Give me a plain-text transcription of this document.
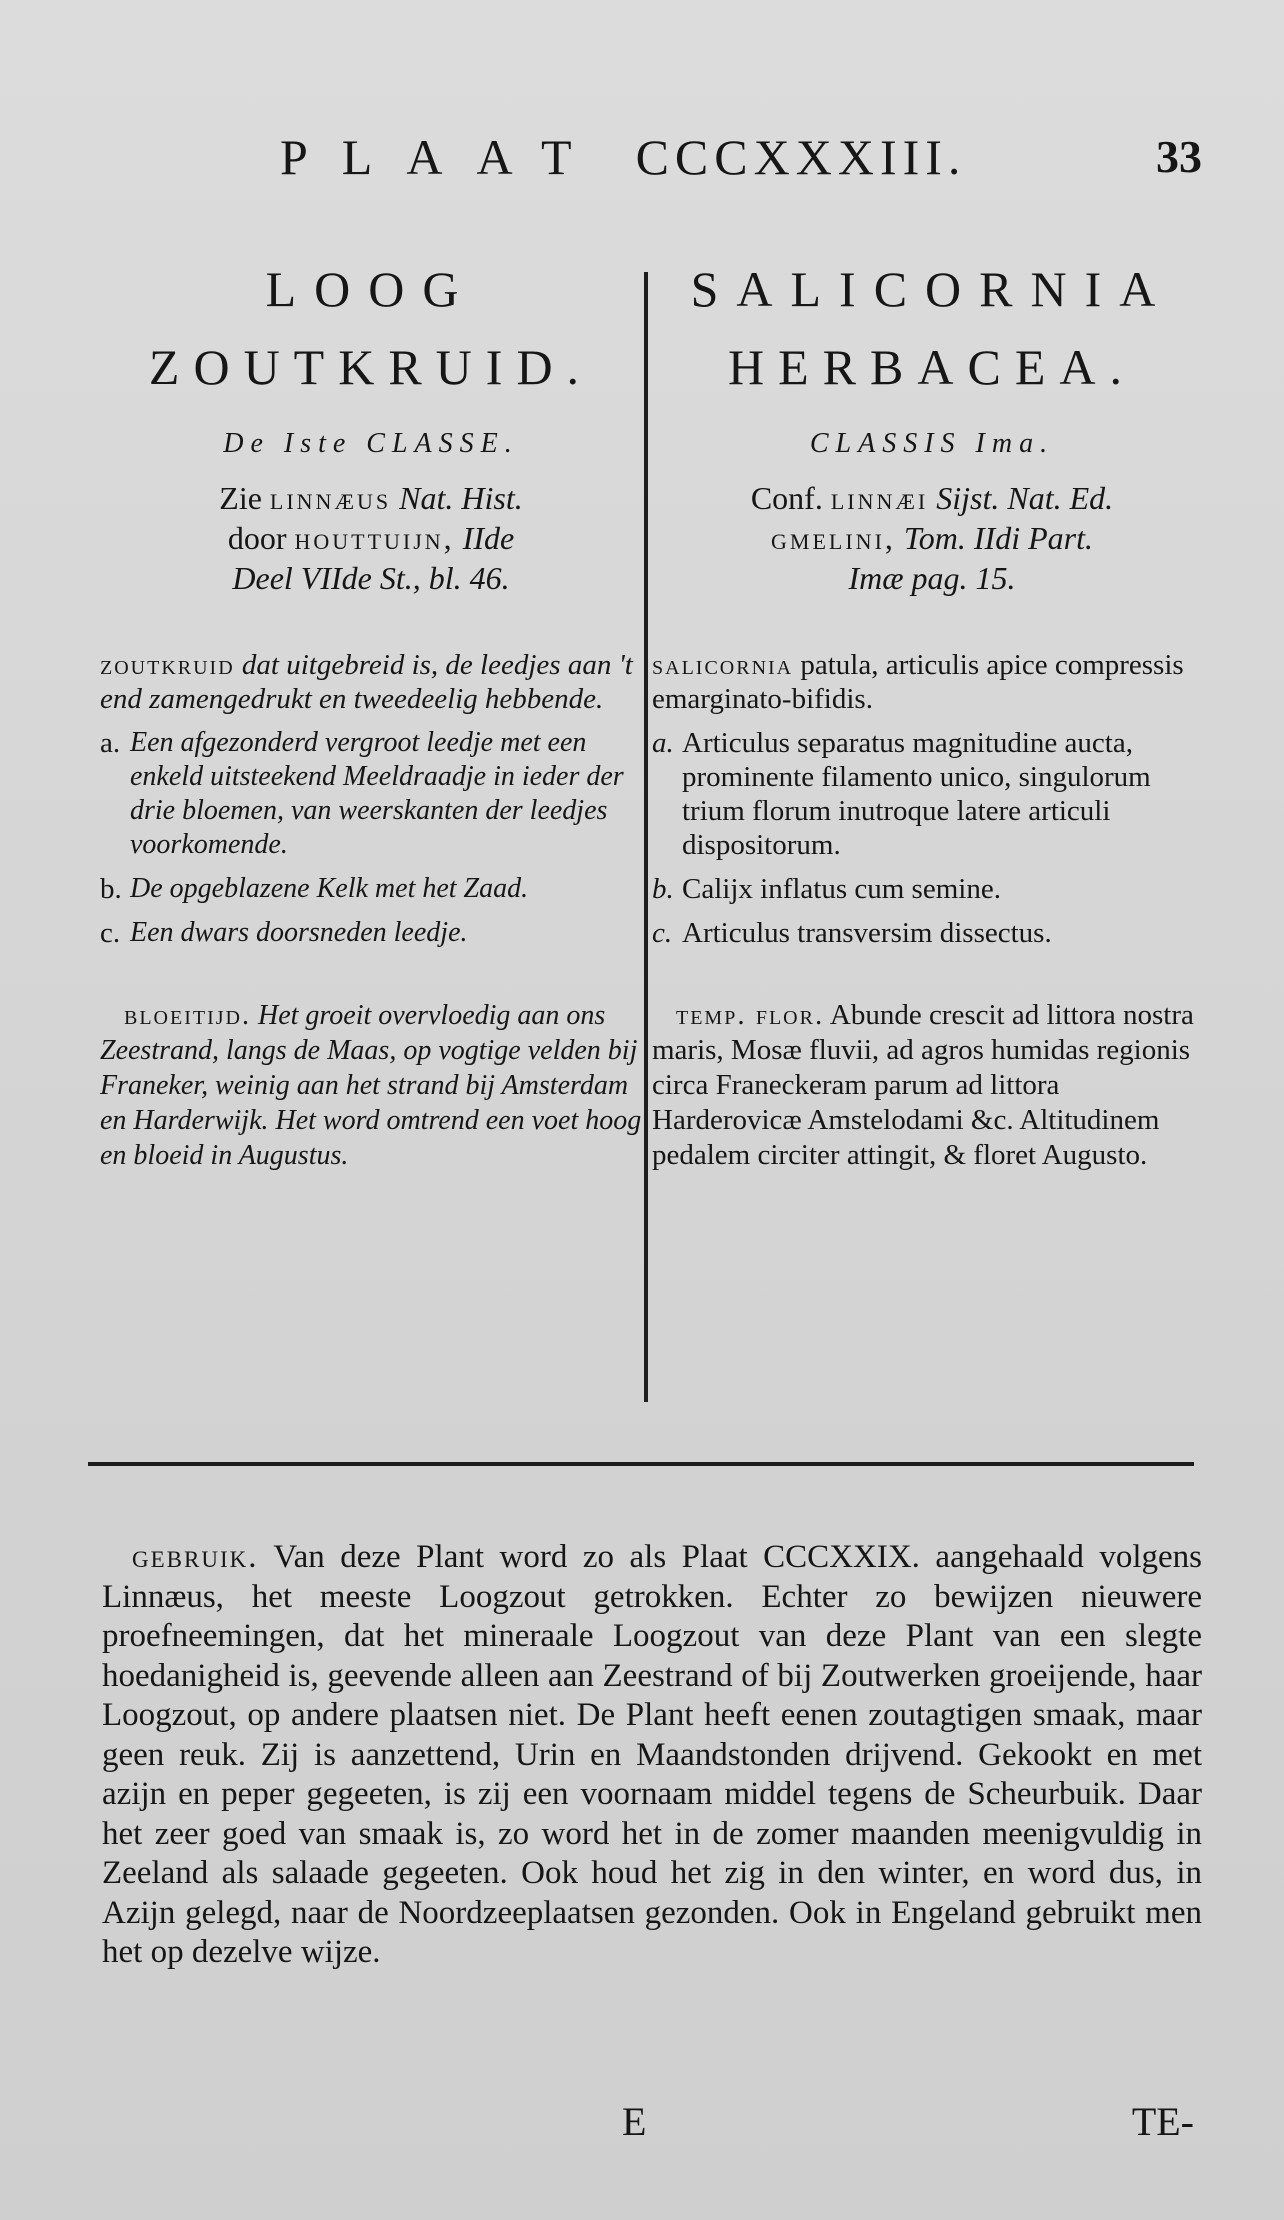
PLAAT CCCXXXIII.	33

LOOG

ZOUTKRUID.

De Iste CLASSE.

Zie linnæus Nat. Hist.

door houttuijn, IIde

Deel VIIde St., bl. 46.

zoutkruid dat uitgebreid is, de leedjes aan 't end zamengedrukt en tweedeelig hebbende.

a. Een afgezonderd vergroot leedje met een enkeld uitsteekend Meeldraadje in ieder der drie bloemen, van weerskanten der leedjes voorkomende.
b. De opgeblazene Kelk met het Zaad.
c. Een dwars doorsneden leedje.

bloeitijd. Het groeit overvloedig aan ons Zeestrand, langs de Maas, op vogtige velden bij Franeker, weinig aan het strand bij Amsterdam en Harderwijk. Het word omtrend een voet hoog en bloeid in Augustus.

SALICORNIA

HERBACEA.

CLASSIS Ima.

Conf. linnæi Sijst. Nat. Ed.

gmelini, Tom. IIdi Part.

Imæ pag. 15.

salicornia patula, articulis apice compressis emarginato-bifidis.

a. Articulus separatus magnitudine aucta, prominente filamento unico, singulorum trium florum inutroque latere articuli dispositorum.
b. Calijx inflatus cum semine.
c. Articulus transversim dissectus.

temp. flor. Abunde crescit ad littora nostra maris, Mosæ fluvii, ad agros humidas regionis circa Franeckeram parum ad littora Harderovicæ Amstelodami &c. Altitudinem pedalem circiter attingit, & floret Augusto.

gebruik. Van deze Plant word zo als Plaat CCCXXIX. aangehaald volgens Linnæus, het meeste Loogzout getrokken. Echter zo bewijzen nieuwere proefneemingen, dat het mineraale Loogzout van deze Plant van een slegte hoedanigheid is, geevende alleen aan Zeestrand of bij Zoutwerken groeijende, haar Loogzout, op andere plaatsen niet. De Plant heeft eenen zoutagtigen smaak, maar geen reuk. Zij is aanzettend, Urin en Maandstonden drijvend. Gekookt en met azijn en peper gegeeten, is zij een voornaam middel tegens de Scheurbuik. Daar het zeer goed van smaak is, zo word het in de zomer maanden meenigvuldig in Zeeland als salaade gegeeten. Ook houd het zig in den winter, en word dus, in Azijn gelegd, naar de Noordzeeplaatsen gezonden. Ook in Engeland gebruikt men het op dezelve wijze.

E	TE-
